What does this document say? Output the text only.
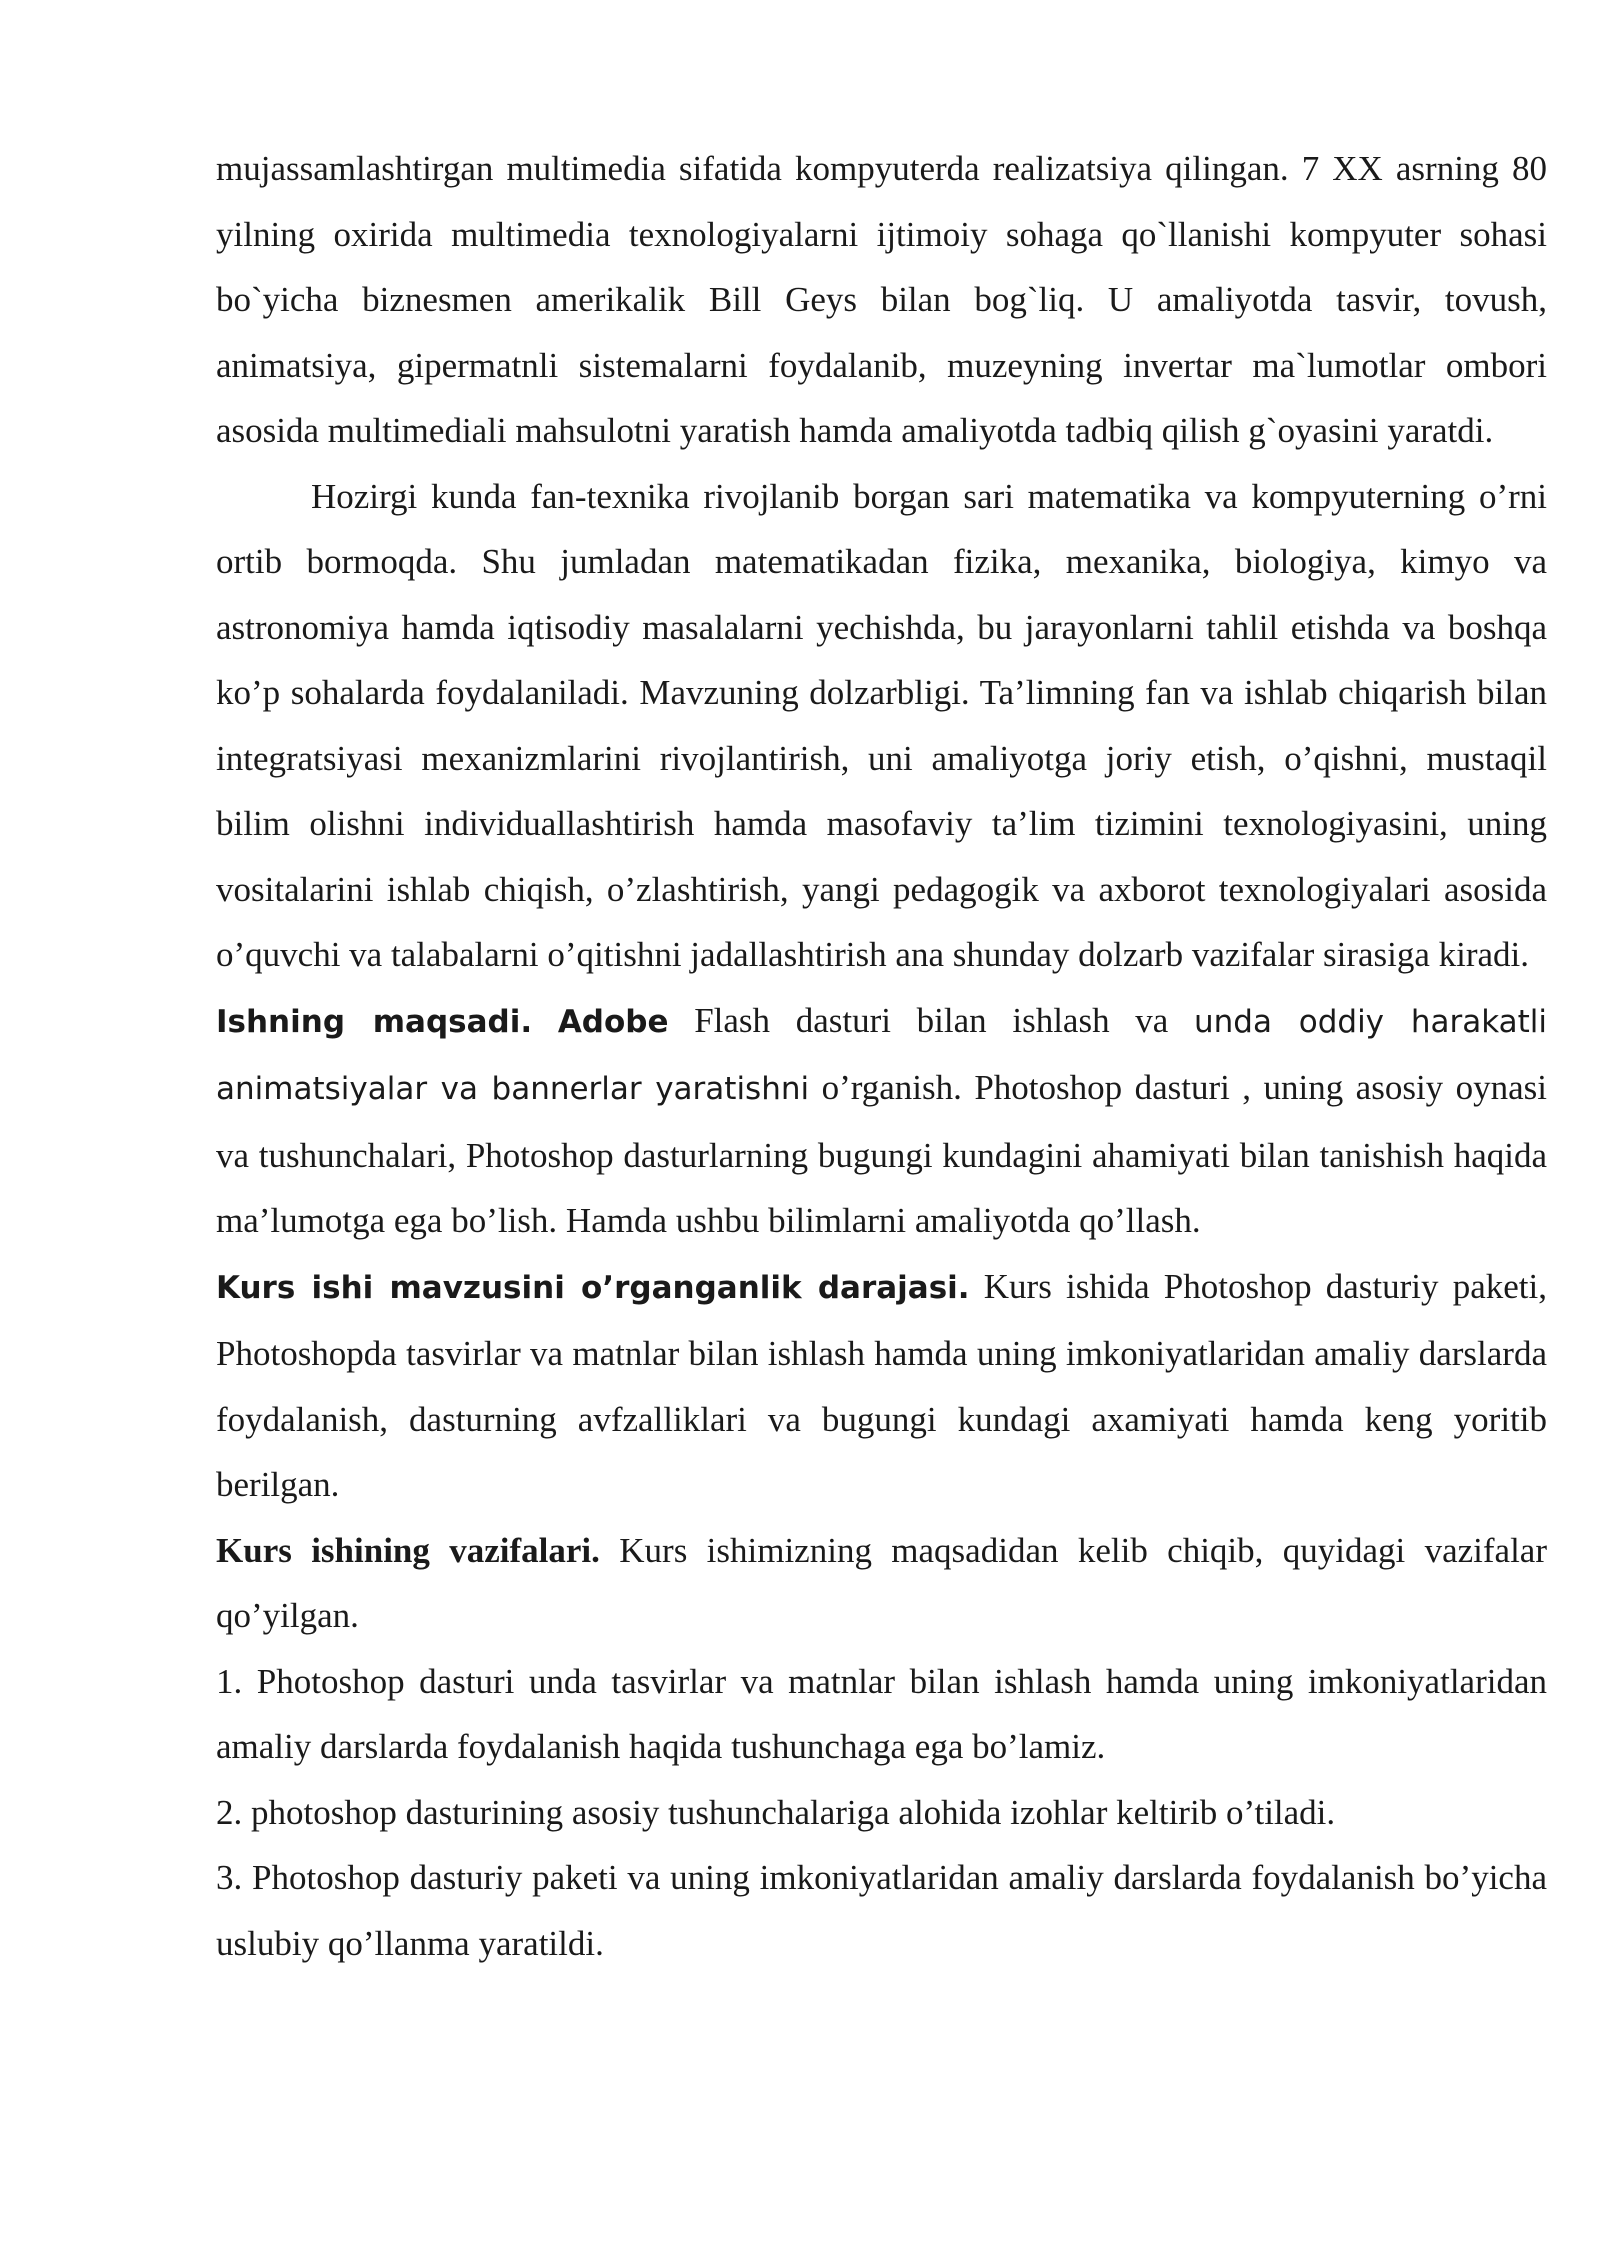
mujassamlashtirgan multimedia sifatida kompyuterda realizatsiya qilingan. 7 XX asrning 80 yilning oxirida multimedia texnologiyalarni ijtimoiy sohaga qo`llanishi kompyuter sohasi bo`yicha biznesmen amerikalik Bill Geys bilan bog`liq. U amaliyotda tasvir, tovush, animatsiya, gipermatnli sistemalarni foydalanib, muzeyning invertar ma`lumotlar ombori asosida multimediali mahsulotni yaratish hamda amaliyotda tadbiq qilish g`oyasini yaratdi.

Hozirgi kunda fan-texnika rivojlanib borgan sari matematika va kompyuterning o’rni ortib bormoqda. Shu jumladan matematikadan fizika, mexanika, biologiya, kimyo va astronomiya hamda iqtisodiy masalalarni yechishda, bu jarayonlarni tahlil etishda va boshqa ko’p sohalarda foydalaniladi. Mavzuning dolzarbligi. Ta’limning fan va ishlab chiqarish bilan integratsiyasi mexanizmlarini rivojlantirish, uni amaliyotga joriy etish, o’qishni, mustaqil bilim olishni individuallashtirish hamda masofaviy ta’lim tizimini texnologiyasini, uning vositalarini ishlab chiqish, o’zlashtirish, yangi pedagogik va axborot texnologiyalari asosida o’quvchi va talabalarni o’qitishni jadallashtirish ana shunday dolzarb vazifalar sirasiga kiradi.

Ishning maqsadi. Adobe Flash dasturi bilan ishlash va unda oddiy harakatli animatsiyalar va bannerlar yaratishni o’rganish. Photoshop dasturi , uning asosiy oynasi va tushunchalari, Photoshop dasturlarning bugungi kundagini ahamiyati bilan tanishish haqida ma’lumotga ega bo’lish. Hamda ushbu bilimlarni amaliyotda qo’llash.

Kurs ishi mavzusini o’rganganlik darajasi. Kurs ishida Photoshop dasturiy paketi, Photoshopda tasvirlar va matnlar bilan ishlash hamda uning imkoniyatlaridan amaliy darslarda foydalanish, dasturning avfzalliklari va bugungi kundagi axamiyati hamda keng yoritib berilgan.

Kurs ishining vazifalari. Kurs ishimizning maqsadidan kelib chiqib, quyidagi vazifalar qo’yilgan.

1. Photoshop dasturi unda tasvirlar va matnlar bilan ishlash hamda uning imkoniyatlaridan amaliy darslarda foydalanish haqida tushunchaga ega bo’lamiz.

2. photoshop dasturining asosiy tushunchalariga alohida izohlar keltirib o’tiladi.

3. Photoshop dasturiy paketi va uning imkoniyatlaridan amaliy darslarda foydalanish bo’yicha uslubiy qo’llanma yaratildi.
